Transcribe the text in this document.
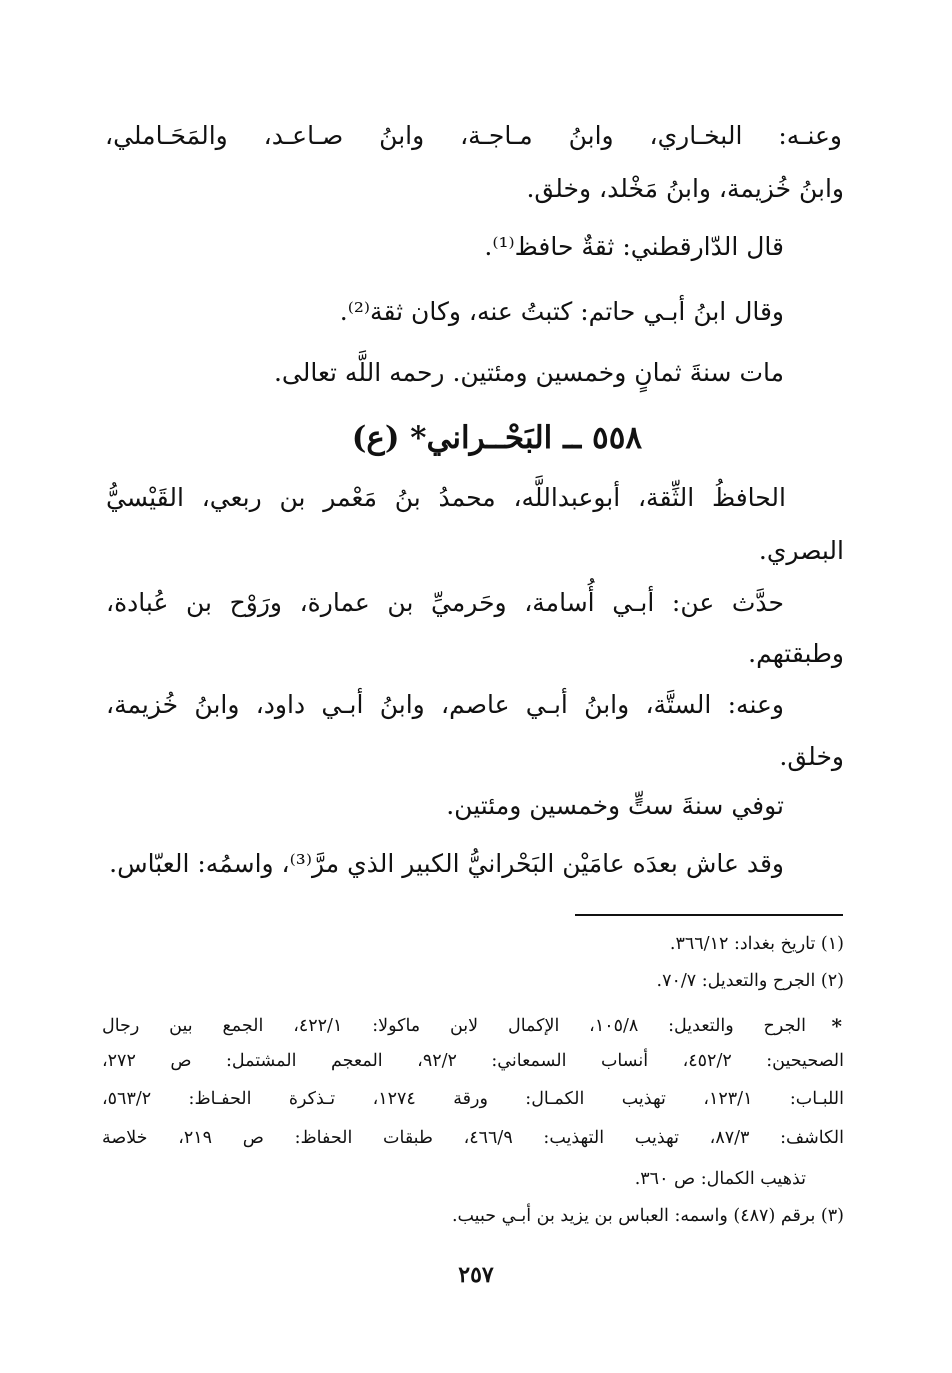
وعنـه: البخـاري، وابنُ مـاجـة، وابنُ صـاعـد، والمَحَـاملي،
وابنُ خُزيمة، وابنُ مَخْلد، وخلق.
قال الدّارقطني: ثقةٌ حافظ⁽¹⁾.
وقال ابنُ أبـي حاتم: كتبتُ عنه، وكان ثقة⁽²⁾.
مات سنةَ ثمانٍ وخمسين ومئتين. رحمه اللَّه تعالى.
٥٥٨ ــ البَحْــراني* (ع)
الحافظُ الثِّقة، أبوعبداللَّه، محمدُ بنُ مَعْمر بن ربعي، القَيْسيُّ
البصري.
حدَّث عن: أبـي أُسامة، وحَرميِّ بن عمارة، ورَوْح بن عُبادة،
وطبقتهم.
وعنه: الستَّة، وابنُ أبـي عاصم، وابنُ أبـي داود، وابنُ خُزيمة،
وخلق.
توفي سنةَ ستٍّ وخمسين ومئتين.
وقد عاش بعدَه عامَيْن البَحْرانيُّ الكبير الذي مرَّ⁽³⁾، واسمُه: العبّاس.
(١) تاريخ بغداد: ٣٦٦/١٢.
(٢) الجرح والتعديل: ٧٠/٧.
*
الجرح والتعديل: ١٠٥/٨، الإكمال لابن ماكولا: ٤٢٢/١، الجمع بين رجال
الصحيحين: ٤٥٢/٢، أنساب السمعاني: ٩٢/٢، المعجم المشتمل: ص ٢٧٢،
اللبـاب: ١٢٣/١، تهذيب الكمـال: ورقة ١٢٧٤، تـذكرة الحفـاظ: ٥٦٣/٢،
الكاشف: ٨٧/٣، تهذيب التهذيب: ٤٦٦/٩، طبقات الحفاظ: ص ٢١٩، خلاصة
تذهيب الكمال: ص ٣٦٠.
(٣) برقم (٤٨٧) واسمه: العباس بن يزيد بن أبـي حبيب.
٢٥٧
